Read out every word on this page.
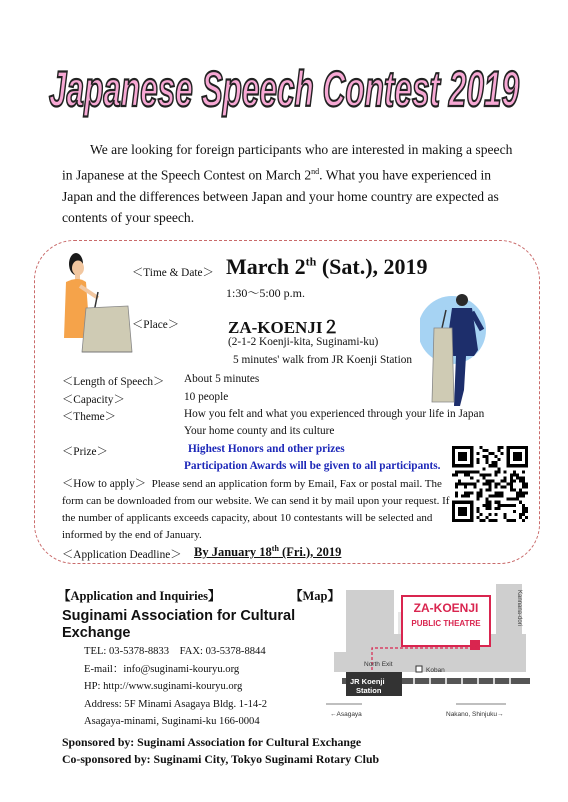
Japanese Speech Contest 2019
We are looking for foreign participants who are interested in making a speech in Japanese at the Speech Contest on March 2nd. What you have experienced in Japan and the differences between Japan and your home country are expected as contents of your speech.
＜Time & Date＞ March 2th (Sat.), 2019
1:30〜5:00 p.m.
＜Place＞	ZA-KOENJI２
(2-1-2 Koenji-kita, Suginami-ku)
5 minutes' walk from JR Koenji Station
＜Length of Speech＞ About 5 minutes
＜Capacity＞	10 people
＜Theme＞	How you felt and what you experienced through your life in Japan
Your home county and its culture
＜Prize＞	Highest Honors and other prizes
Participation Awards will be given to all participants.
＜How to apply＞ Please send an application form by Email, Fax or postal mail. The form can be downloaded from our website. We can send it by mail upon your request. If the number of applicants exceeds capacity, about 10 contestants will be selected and informed by the end of January.
＜Application Deadline＞ By January 18th (Fri.), 2019
【Application and Inquiries】
Suginami Association for Cultural Exchange
TEL: 03-5378-8833    FAX: 03-5378-8844
E-mail：info@suginami-kouryu.org
HP: http://www.suginami-kouryu.org
Address: 5F Minami Asagaya Bldg. 1-14-2
Asagaya-minami, Suginami-ku 166-0004
【Map】
ZA-KOENJI
PUBLIC THEATRE
North Exit
Koban
JR Koenji
Station
Kannana-dori
←Asagaya	Nakano, Shinjuku→
Sponsored by: Suginami Association for Cultural Exchange
Co-sponsored by: Suginami City, Tokyo Suginami Rotary Club
